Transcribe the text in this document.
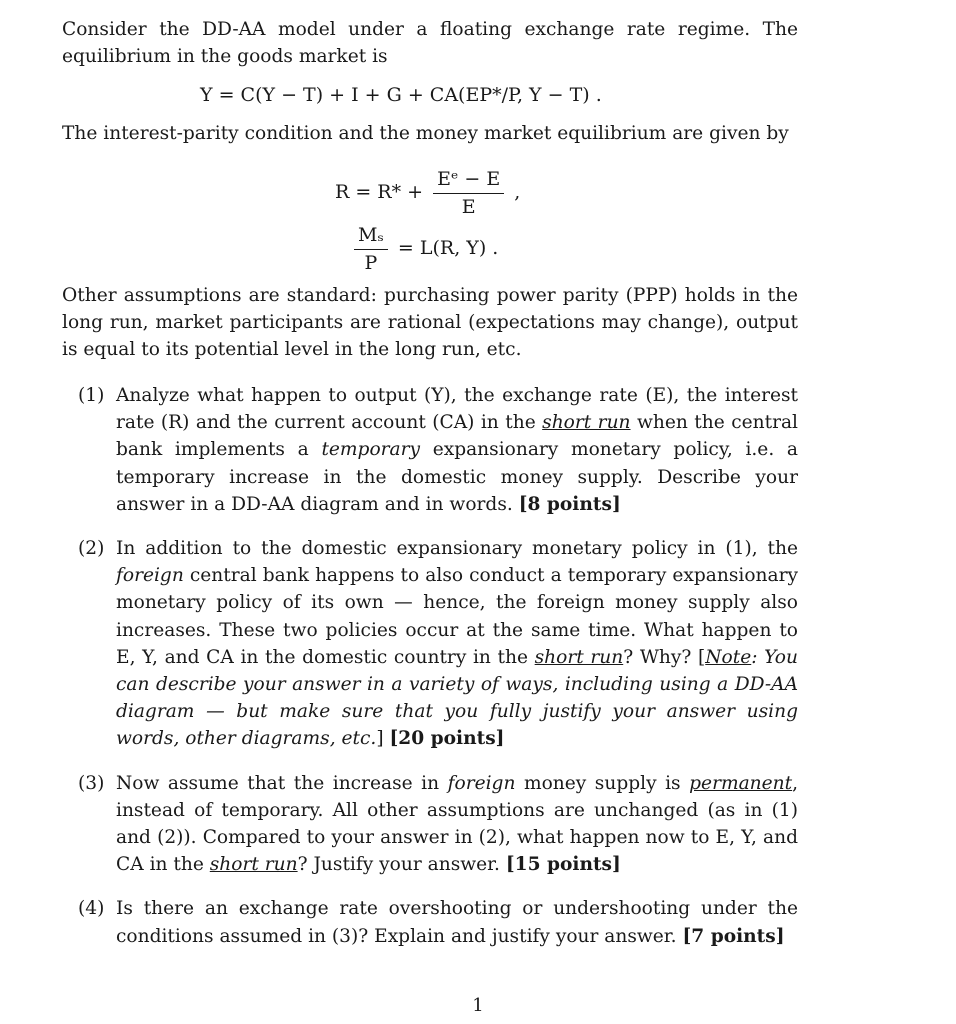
Consider the DD-AA model under a floating exchange rate regime. The equilibrium in the goods market is

Y = C(Y − T) + I + G + CA(EP*/P, Y − T) .

The interest-parity condition and the money market equilibrium are given by

$R = R* + \frac{\text{Eᵉ − E}}{E}$ ,
$\frac{\text{Mₛ}}{P} = L(R$, Y) .

Other assumptions are standard: purchasing power parity (PPP) holds in the long run, market participants are rational (expectations may change), output is equal to its potential level in the long run, etc.

(1) Analyze what happen to output (Y), the exchange rate (E), the interest rate (R) and the current account (CA) in the short run when the central bank implements a temporary expansionary monetary policy, i.e. a temporary increase in the domestic money supply. Describe your answer in a DD-AA diagram and in words. [8 points]

(2) In addition to the domestic expansionary monetary policy in (1), the foreign central bank happens to also conduct a temporary expansionary monetary policy of its own — hence, the foreign money supply also increases. These two policies occur at the same time. What happen to E, Y, and CA in the domestic country in the short run? Why? [Note: You can describe your answer in a variety of ways, including using a DD-AA diagram — but make sure that you fully justify your answer using words, other diagrams, etc.] [20 points]

(3) Now assume that the increase in foreign money supply is permanent, instead of temporary. All other assumptions are unchanged (as in (1) and (2)). Compared to your answer in (2), what happen now to E, Y, and CA in the short run? Justify your answer. [15 points]

(4) Is there an exchange rate overshooting or undershooting under the conditions assumed in (3)? Explain and justify your answer. [7 points]

1
